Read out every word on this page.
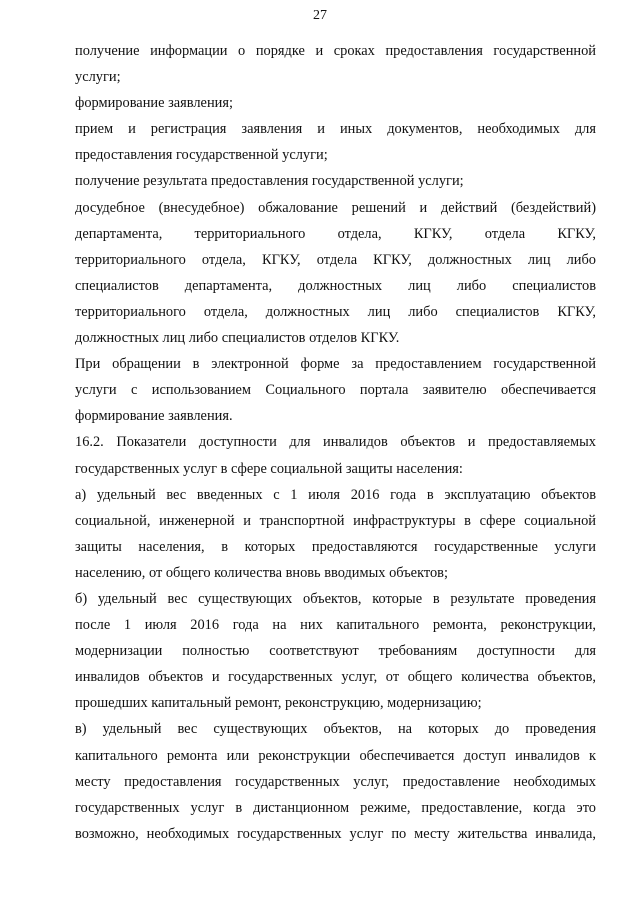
27

получение информации о порядке и сроках предоставления государственной
услуги;

формирование заявления;

прием и регистрация заявления и иных документов, необходимых для
предоставления государственной услуги;

получение результата предоставления государственной услуги;

досудебное (внесудебное) обжалование решений и действий (бездействий)
департамента, территориального отдела, КГКУ, отдела КГКУ,
территориального отдела, КГКУ, отдела КГКУ, должностных лиц либо
специалистов департамента, должностных лиц либо специалистов
территориального отдела, должностных лиц либо специалистов КГКУ,
должностных лиц либо специалистов отделов КГКУ.

При обращении в электронной форме за предоставлением государственной
услуги с использованием Социального портала заявителю обеспечивается
формирование заявления.

16.2. Показатели доступности для инвалидов объектов и предоставляемых
государственных услуг в сфере социальной защиты населения:

а) удельный вес введенных с 1 июля 2016 года в эксплуатацию объектов
социальной, инженерной и транспортной инфраструктуры в сфере социальной
защиты населения, в которых предоставляются государственные услуги
населению, от общего количества вновь вводимых объектов;

б) удельный вес существующих объектов, которые в результате проведения
после 1 июля 2016 года на них капитального ремонта, реконструкции,
модернизации полностью соответствуют требованиям доступности для
инвалидов объектов и государственных услуг, от общего количества объектов,
прошедших капитальный ремонт, реконструкцию, модернизацию;

в) удельный вес существующих объектов, на которых до проведения
капитального ремонта или реконструкции обеспечивается доступ инвалидов к
месту предоставления государственных услуг, предоставление необходимых
государственных услуг в дистанционном режиме, предоставление, когда это
возможно, необходимых государственных услуг по месту жительства инвалида,
